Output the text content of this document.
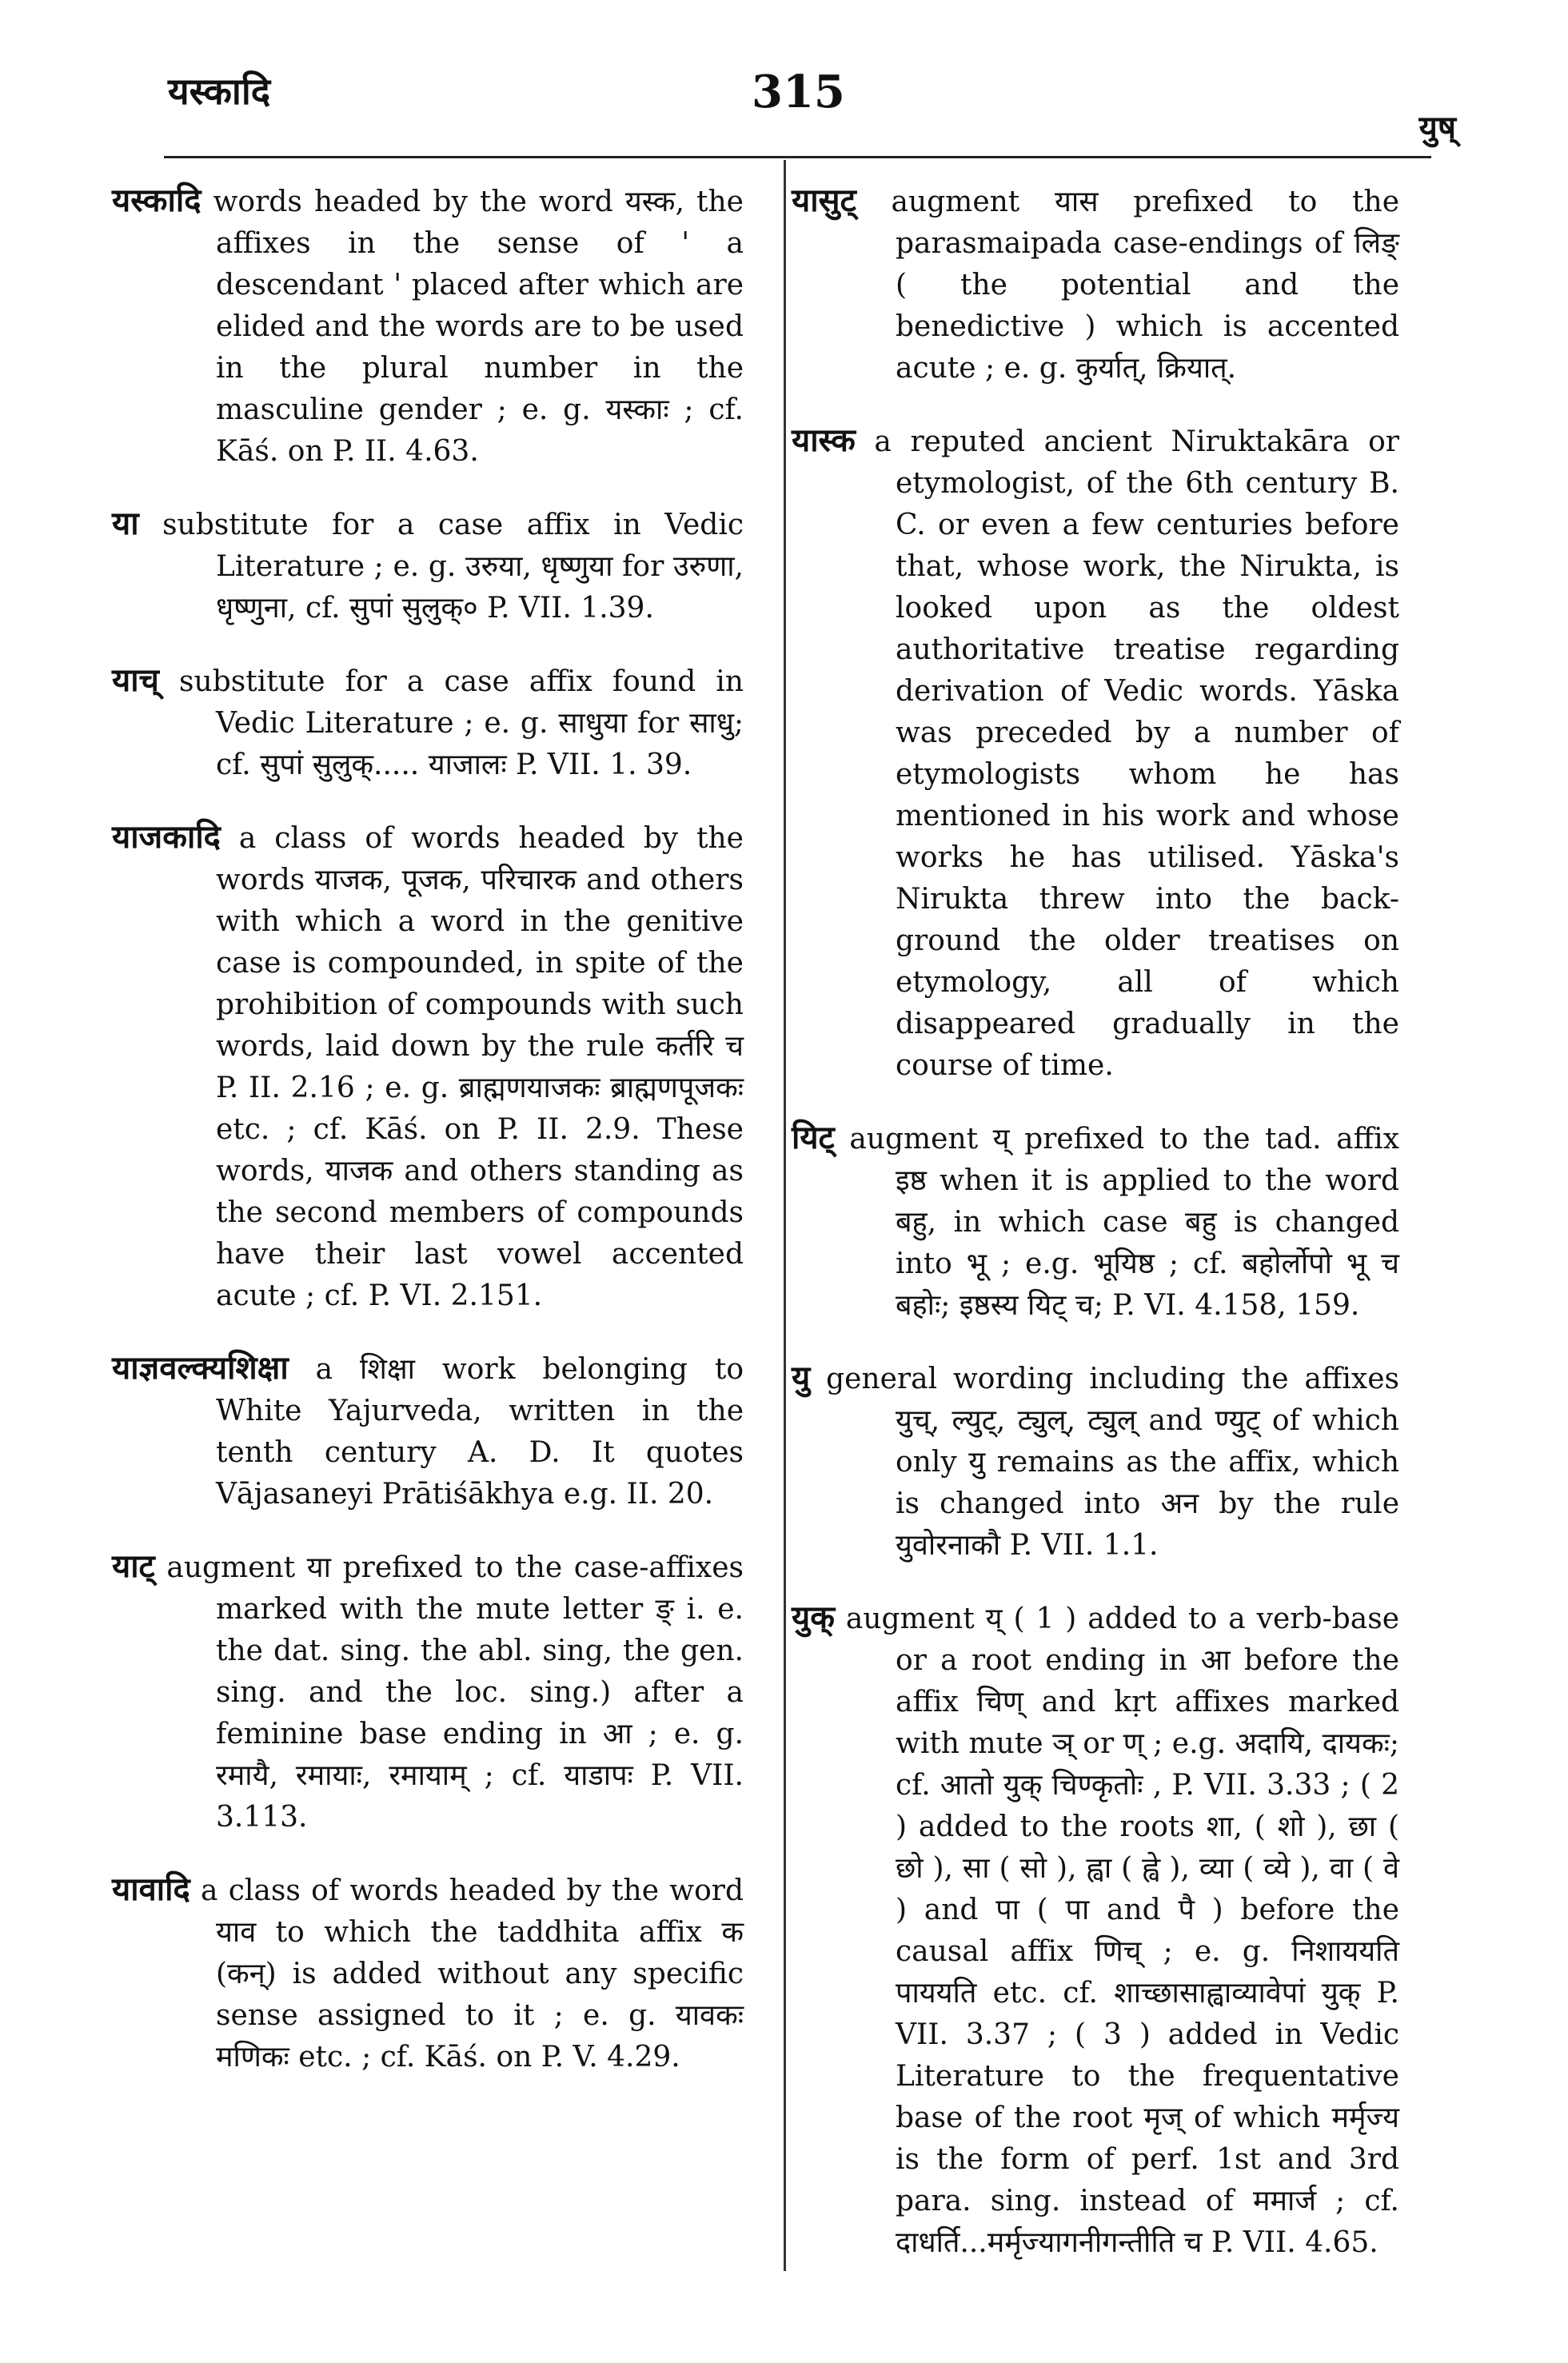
यस्कादि	315
युष्

यस्कादि words headed by the word यस्क, the affixes in the sense of ' a descendant ' placed after which are elided and the words are to be used in the plural number in the masculine gender ; e. g. यस्काः ; cf. Kāś. on P. II. 4.63.

या substitute for a case affix in Vedic Literature ; e. g. उरुया, धृष्णुया for उरुणा, धृष्णुना, cf. सुपां सुलुक्० P. VII. 1.39.

याच् substitute for a case affix found in Vedic Literature ; e. g. साधुया for साधु; cf. सुपां सुलुक्..... याजालः P. VII. 1. 39.

याजकादि a class of words headed by the words याजक, पूजक, परिचारक and others with which a word in the genitive case is compounded, in spite of the prohibition of compounds with such words, laid down by the rule कर्तरि च P. II. 2.16 ; e. g. ब्राह्मणयाजकः ब्राह्मणपूजकः etc. ; cf. Kāś. on P. II. 2.9. These words, याजक and others standing as the second members of compounds have their last vowel accented acute ; cf. P. VI. 2.151.

याज्ञवल्क्यशिक्षा a शिक्षा work belonging to White Yajurveda, written in the tenth century A. D. It quotes Vājasaneyi Prātiśākhya e.g. II. 20.

याट् augment या prefixed to the case-affixes marked with the mute letter ङ् i. e. the dat. sing. the abl. sing, the gen. sing. and the loc. sing.) after a feminine base ending in आ ; e. g. रमायै, रमायाः, रमायाम् ; cf. याडापः P. VII. 3.113.

यावादि a class of words headed by the word याव to which the taddhita affix क (कन्) is added without any specific sense assigned to it ; e. g. यावकः मणिकः etc. ; cf. Kāś. on P. V. 4.29.

यासुट् augment यास prefixed to the parasmaipada case-endings of लिङ् ( the potential and the benedictive ) which is accented acute ; e. g. कुर्यात्, क्रियात्.

यास्क a reputed ancient Niruktakāra or etymologist, of the 6th century B. C. or even a few centuries before that, whose work, the Nirukta, is looked upon as the oldest authoritative treatise regarding derivation of Vedic words. Yāska was preceded by a number of etymologists whom he has mentioned in his work and whose works he has utilised. Yāska's Nirukta threw into the back-ground the older treatises on etymology, all of which disappeared gradually in the course of time.

यिट् augment य् prefixed to the tad. affix इष्ठ when it is applied to the word बहु, in which case बहु is changed into भू ; e.g. भूयिष्ठ ; cf. बहोर्लोपो भू च बहोः; इष्ठस्य यिट् च; P. VI. 4.158, 159.

यु general wording including the affixes युच्, ल्युट्, ट्युल्, ट्युल् and ण्युट् of which only यु remains as the affix, which is changed into अन by the rule युवोरनाकौ P. VII. 1.1.

युक् augment य् ( 1 ) added to a verb-base or a root ending in आ before the affix चिण् and kṛt affixes marked with mute ञ् or ण् ; e.g. अदायि, दायकः; cf. आतो युक् चिण्कृतोः , P. VII. 3.33 ; ( 2 ) added to the roots शा, ( शो ), छा ( छो ), सा ( सो ), ह्वा ( ह्वे ), व्या ( व्ये ), वा ( वे ) and पा ( पा and पै ) before the causal affix णिच् ; e. g. निशाययति पाययति etc. cf. शाच्छासाह्वाव्यावेपां युक् P. VII. 3.37 ; ( 3 ) added in Vedic Literature to the frequentative base of the root मृज् of which मर्मृज्य is the form of perf. 1st and 3rd para. sing. instead of ममार्ज ; cf. दाधर्ति...मर्मृज्यागनीगन्तीति च P. VII. 4.65.
